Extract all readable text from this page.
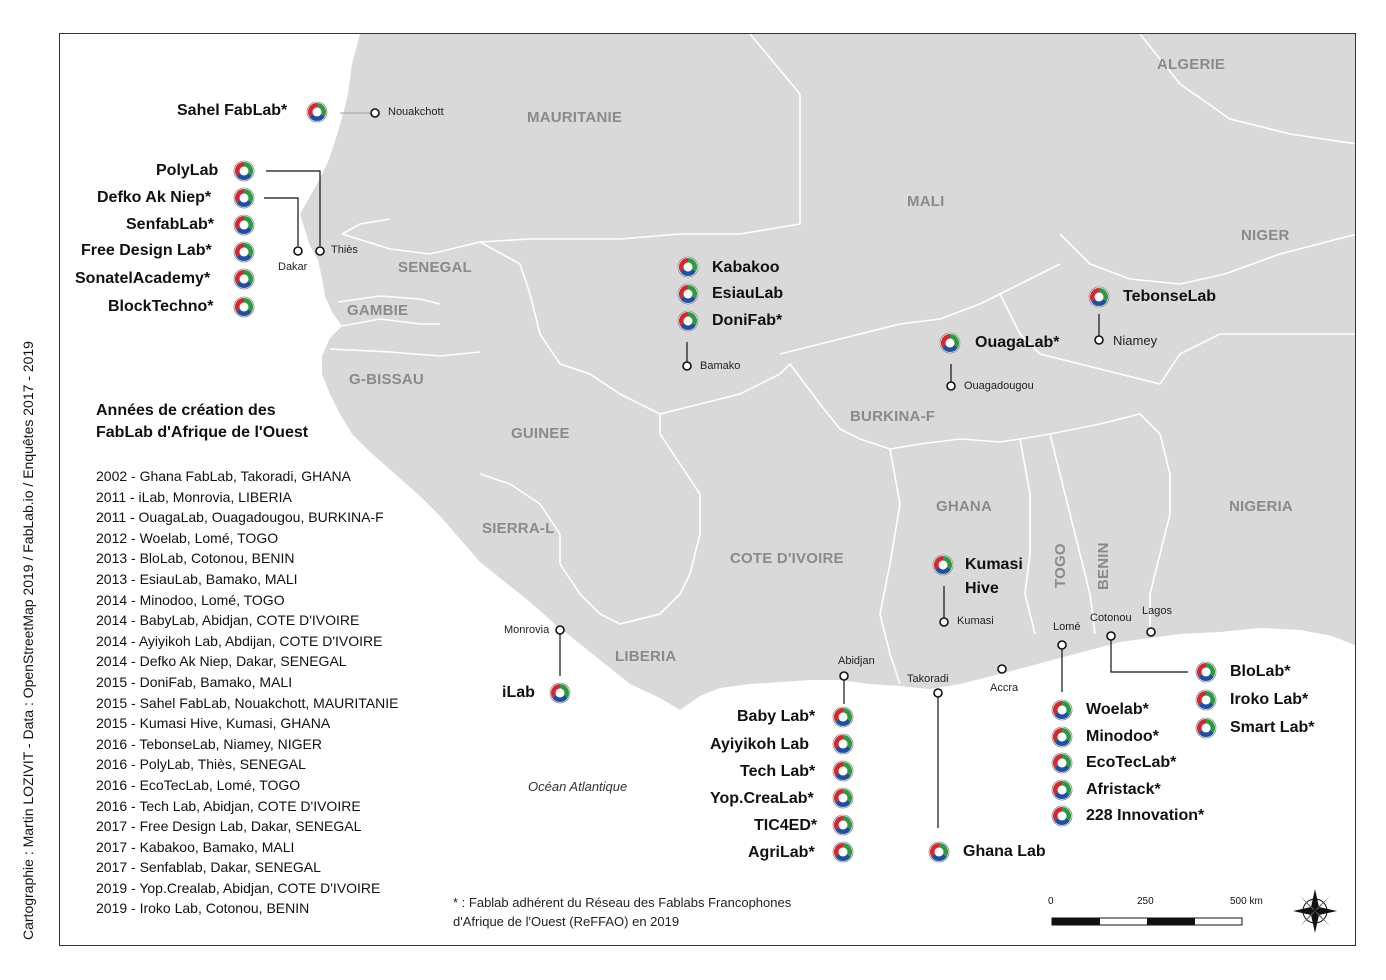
Cartographie : Martin LOZIVIT - Data : OpenStreetMap 2019 / FabLab.io / Enquêtes 2017 - 2019
ALGERIE
MAURITANIE
MALI
NIGER
SENEGAL
GAMBIE
G-BISSAU
GUINEE
BURKINA-F
SIERRA-L
LIBERIA
COTE D'IVOIRE
GHANA
TOGO BENIN
NIGERIA
Nouakchott
Dakar
Thiès
Bamako
Ouagadougou
Niamey
Kumasi
Monrovia
Abidjan
Takoradi
Accra
Lomé
Cotonou
Lagos
Sahel FabLab*
PolyLab
Defko Ak Niep*
SenfabLab*
Free Design Lab*
SonatelAcademy*
BlockTechno*
Kabakoo
EsiauLab
DoniFab*
OuagaLab*
TebonseLab
Kumasi
Hive
iLab
Baby Lab*
Ayiyikoh Lab
Tech Lab*
Yop.CreaLab*
TIC4ED*
AgriLab*	Ghana Lab
Woelab*
Minodoo*
EcoTecLab*
Afristack*
228 Innovation*
BloLab*
Iroko Lab*
Smart Lab*
Années de création des
FabLab d'Afrique de l'Ouest
2002 - Ghana FabLab, Takoradi, GHANA
2011 - iLab, Monrovia, LIBERIA
2011 - OuagaLab, Ouagadougou, BURKINA-F
2012 - Woelab, Lomé, TOGO
2013 - BloLab, Cotonou, BENIN
2013 - EsiauLab, Bamako, MALI
2014 - Minodoo, Lomé, TOGO
2014 - BabyLab, Abidjan, COTE D'IVOIRE
2014 - Ayiyikoh Lab, Abdijan, COTE D'IVOIRE
2014 - Defko Ak Niep, Dakar, SENEGAL
2015 - DoniFab, Bamako, MALI
2015 - Sahel FabLab, Nouakchott, MAURITANIE
2015 - Kumasi Hive, Kumasi, GHANA
2016 - TebonseLab, Niamey, NIGER
2016 - PolyLab, Thiès, SENEGAL
2016 - EcoTecLab, Lomé, TOGO
2016 - Tech Lab, Abidjan, COTE D'IVOIRE
2017 - Free Design Lab, Dakar, SENEGAL
2017 - Kabakoo, Bamako, MALI
2017 - Senfablab, Dakar, SENEGAL
2019 - Yop.Crealab, Abidjan, COTE D'IVOIRE
2019 - Iroko Lab, Cotonou, BENIN
Océan Atlantique
* : Fablab adhérent du Réseau des Fablabs Francophones
d'Afrique de l'Ouest (ReFFAO) en 2019
0	250	500 km
